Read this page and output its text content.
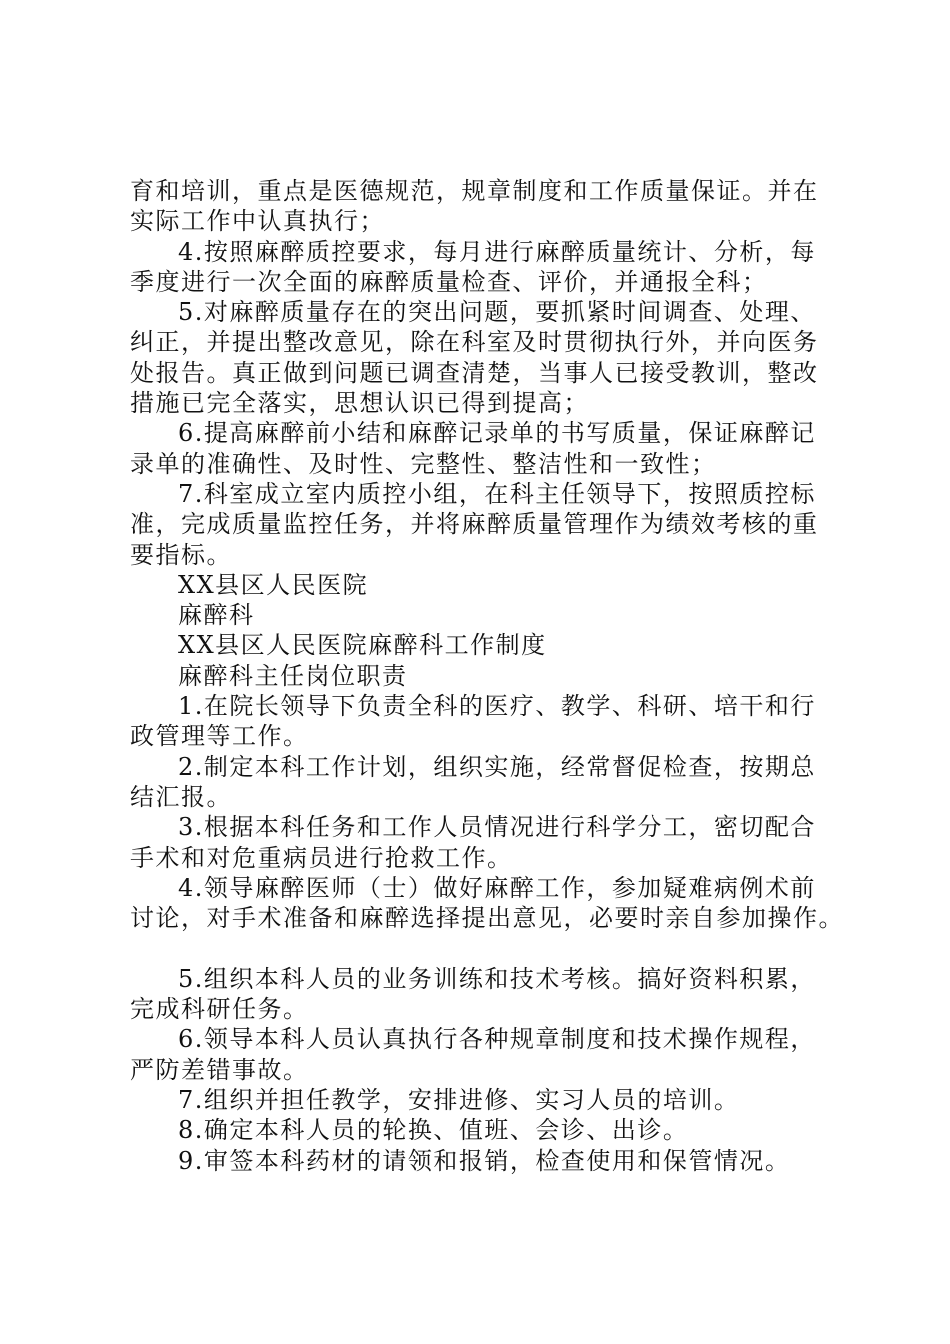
育和培训，重点是医德规范，规章制度和工作质量保证。并在
实际工作中认真执行；
4.按照麻醉质控要求，每月进行麻醉质量统计、分析，每
季度进行一次全面的麻醉质量检查、评价，并通报全科；
5.对麻醉质量存在的突出问题，要抓紧时间调查、处理、
纠正，并提出整改意见，除在科室及时贯彻执行外，并向医务
处报告。真正做到问题已调查清楚，当事人已接受教训，整改
措施已完全落实，思想认识已得到提高；
6.提高麻醉前小结和麻醉记录单的书写质量，保证麻醉记
录单的准确性、及时性、完整性、整洁性和一致性；
7.科室成立室内质控小组，在科主任领导下，按照质控标
准，完成质量监控任务，并将麻醉质量管理作为绩效考核的重
要指标。
XX县区人民医院
麻醉科
XX县区人民医院麻醉科工作制度
麻醉科主任岗位职责
1.在院长领导下负责全科的医疗、教学、科研、培干和行
政管理等工作。
2.制定本科工作计划，组织实施，经常督促检查，按期总
结汇报。
3.根据本科任务和工作人员情况进行科学分工，密切配合
手术和对危重病员进行抢救工作。
4.领导麻醉医师（士）做好麻醉工作，参加疑难病例术前
讨论，对手术准备和麻醉选择提出意见，必要时亲自参加操作。
5.组织本科人员的业务训练和技术考核。搞好资料积累，
完成科研任务。
6.领导本科人员认真执行各种规章制度和技术操作规程，
严防差错事故。
7.组织并担任教学，安排进修、实习人员的培训。
8.确定本科人员的轮换、值班、会诊、出诊。
9.审签本科药材的请领和报销，检查使用和保管情况。
